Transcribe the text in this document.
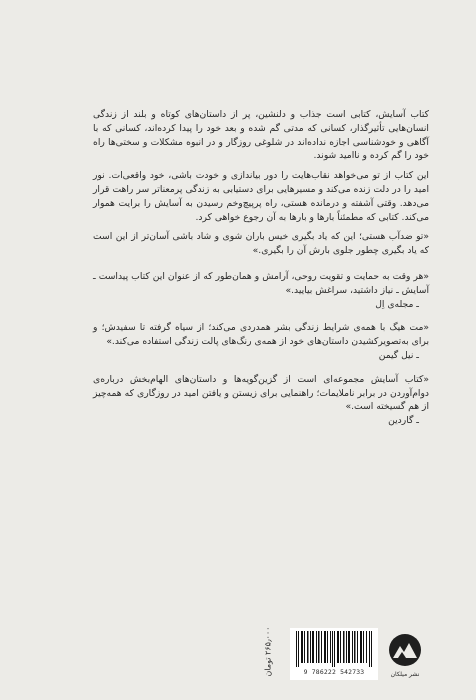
کتاب آسایش، کتابی است جذاب و دلنشین، پر از داستان‌های کوتاه و بلند از زندگی انسان‌هایی تأثیرگذار، کسانی که مدتی گم شده و بعد خود را پیدا کرده‌اند، کسانی که با آگاهی و خودشناسی اجازه نداده‌اند در شلوغی روزگار و در انبوه مشکلات و سختی‌ها راه خود را گم کرده و ناامید شوند.

این کتاب از تو می‌خواهد نقاب‌هایت را دور بیاندازی و خودت باشی، خود واقعی‌ات. نور امید را در دلت زنده می‌کند و مسیرهایی برای دستیابی به زندگی پرمعناتر سر راهت قرار می‌دهد. وقتی آشفته و درمانده هستی، راه پرپیچ‌وخم رسیدن به آسایش را برایت هموار می‌کند. کتابی که مطمئناً بارها و بارها به آن رجوع خواهی کرد.

«تو ضدآب هستی؛ این که یاد بگیری خیس باران شوی و شاد باشی آسان‌تر از این است که یاد بگیری چطور جلوی بارش آن را بگیری.»

«هر وقت به حمایت و تقویت روحی، آرامش و همان‌طور که از عنوان این کتاب پیداست ـ آسایش ـ نیاز داشتید، سراغش بیایید.»

ـ مجله‌ی اِل

«مت هیگ با همه‌ی شرایط زندگی بشر همدردی می‌کند؛ از سیاه گرفته تا سفیدش؛ و برای به‌تصویرکشیدن داستان‌های خود از همه‌ی رنگ‌های پالت زندگی استفاده می‌کند.»

ـ نیل گیمن

«کتاب آسایش مجموعه‌ای است از گزین‌گویه‌ها و داستان‌های الهام‌بخش درباره‌ی دوام‌آوردن در برابر ناملایمات؛ راهنمایی برای زیستن و یافتن امید در روزگاری که همه‌چیز از هم گسیخته است.»

ـ گاردین

۲۶۵٫۰۰۰ تومان
9 786222 542733	نشر میلکان
